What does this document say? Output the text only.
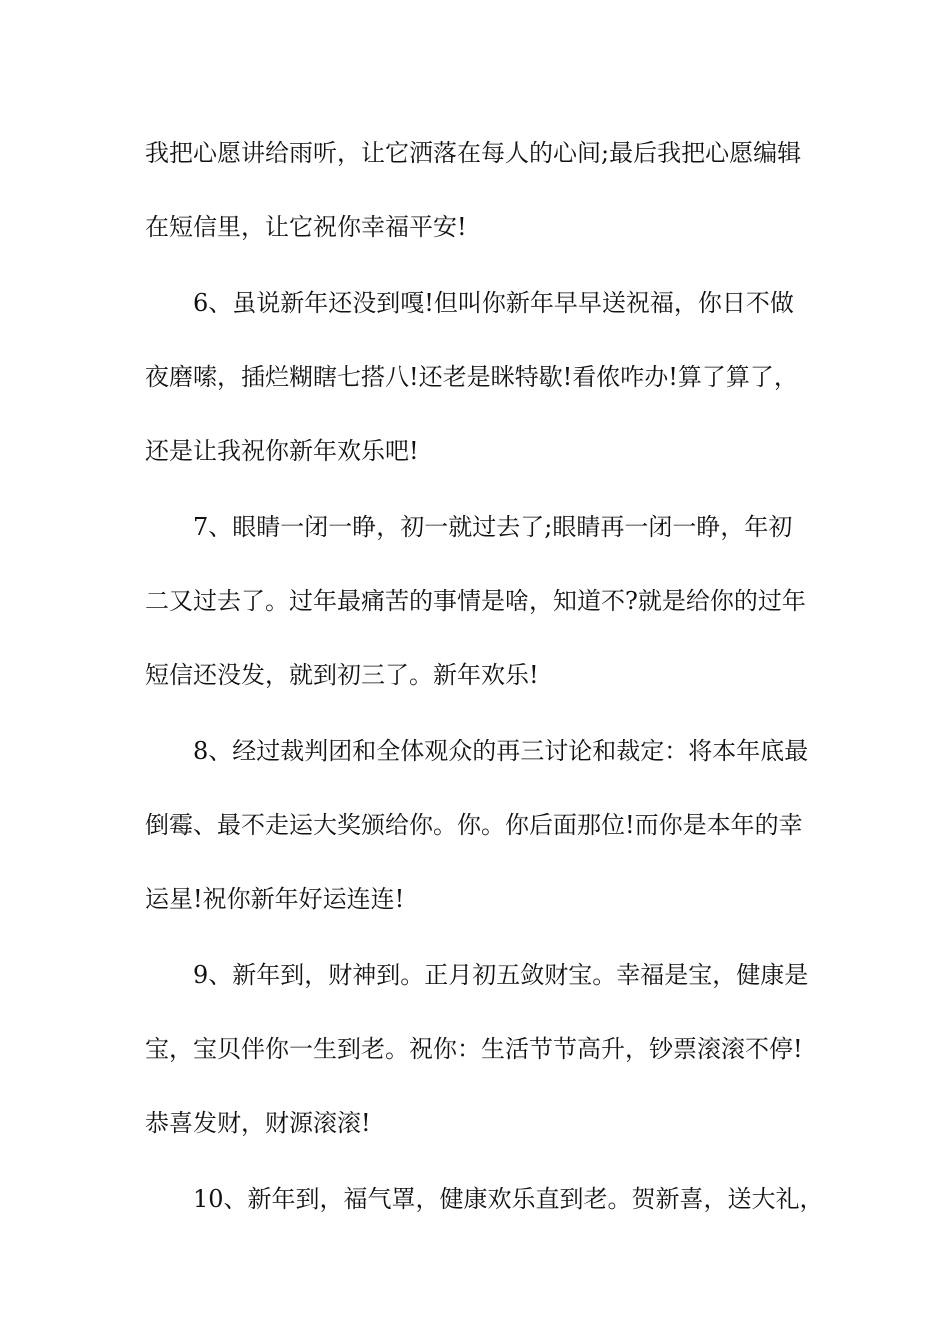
我把心愿讲给雨听，让它洒落在每人的心间;最后我把心愿编辑
在短信里，让它祝你幸福平安!
6、虽说新年还没到嘎!但叫你新年早早送祝福，你日不做
夜磨嗦，插烂糊瞎七搭八!还老是眯特歇!看侬咋办!算了算了，
还是让我祝你新年欢乐吧!
7、眼睛一闭一睁，初一就过去了;眼睛再一闭一睁，年初
二又过去了。过年最痛苦的事情是啥，知道不?就是给你的过年
短信还没发，就到初三了。新年欢乐!
8、经过裁判团和全体观众的再三讨论和裁定：将本年底最
倒霉、最不走运大奖颁给你。你。你后面那位!而你是本年的幸
运星!祝你新年好运连连!
9、新年到，财神到。正月初五敛财宝。幸福是宝，健康是
宝，宝贝伴你一生到老。祝你：生活节节高升，钞票滚滚不停!
恭喜发财，财源滚滚!
10、新年到，福气罩，健康欢乐直到老。贺新喜，送大礼，
